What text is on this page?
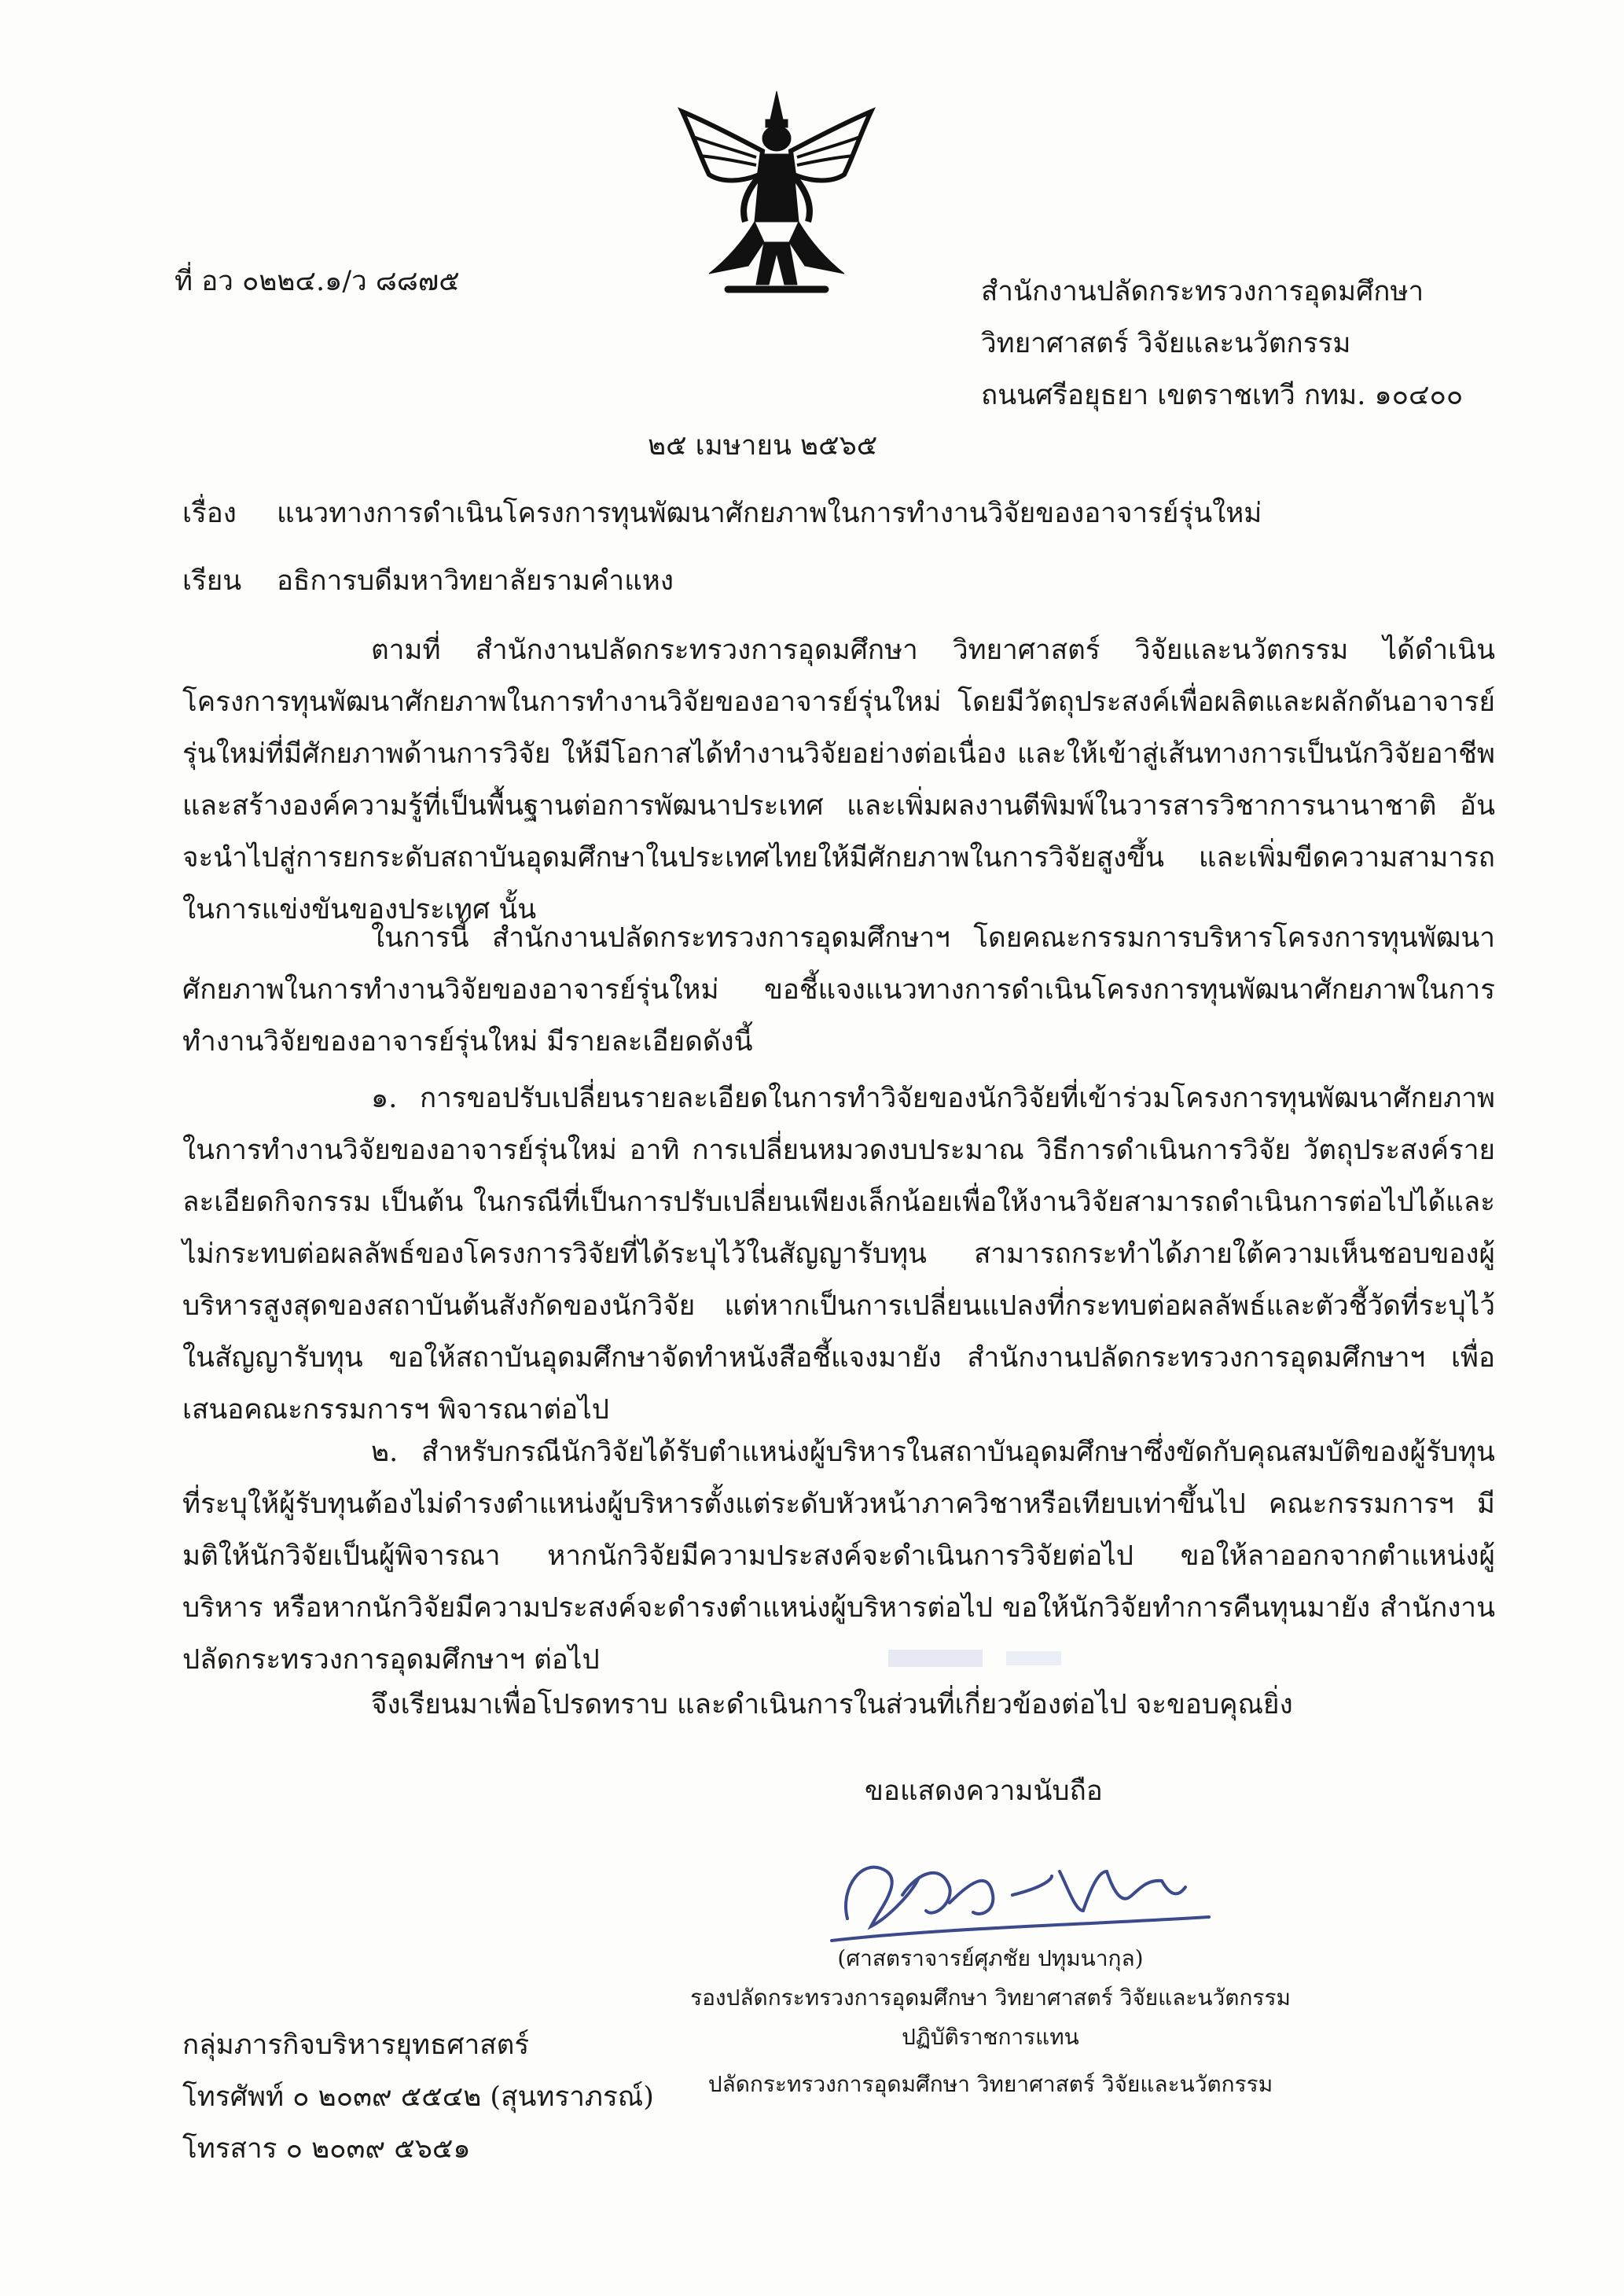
ที่ อว ๐๒๒๔.๑/ว ๘๘๗๕	สำนักงานปลัดกระทรวงการอุดมศึกษา
วิทยาศาสตร์ วิจัยและนวัตกรรม
ถนนศรีอยุธยา เขตราชเทวี กทม. ๑๐๔๐๐
๒๕ เมษายน ๒๕๖๕
เรื่อง แนวทางการดำเนินโครงการทุนพัฒนาศักยภาพในการทำงานวิจัยของอาจารย์รุ่นใหม่
เรียน อธิการบดีมหาวิทยาลัยรามคำแหง
ตามที่ สำนักงานปลัดกระทรวงการอุดมศึกษา วิทยาศาสตร์ วิจัยและนวัตกรรม ได้ดำเนินโครงการทุนพัฒนาศักยภาพในการทำงานวิจัยของอาจารย์รุ่นใหม่ โดยมีวัตถุประสงค์เพื่อผลิตและผลักดันอาจารย์รุ่นใหม่ที่มีศักยภาพด้านการวิจัย ให้มีโอกาสได้ทำงานวิจัยอย่างต่อเนื่อง และให้เข้าสู่เส้นทางการเป็นนักวิจัยอาชีพและสร้างองค์ความรู้ที่เป็นพื้นฐานต่อการพัฒนาประเทศ และเพิ่มผลงานตีพิมพ์ในวารสารวิชาการนานาชาติ อันจะนำไปสู่การยกระดับสถาบันอุดมศึกษาในประเทศไทยให้มีศักยภาพในการวิจัยสูงขึ้น และเพิ่มขีดความสามารถในการแข่งขันของประเทศ นั้น
ในการนี้ สำนักงานปลัดกระทรวงการอุดมศึกษาฯ โดยคณะกรรมการบริหารโครงการทุนพัฒนาศักยภาพในการทำงานวิจัยของอาจารย์รุ่นใหม่ ขอชี้แจงแนวทางการดำเนินโครงการทุนพัฒนาศักยภาพในการทำงานวิจัยของอาจารย์รุ่นใหม่ มีรายละเอียดดังนี้
๑. การขอปรับเปลี่ยนรายละเอียดในการทำวิจัยของนักวิจัยที่เข้าร่วมโครงการทุนพัฒนาศักยภาพในการทำงานวิจัยของอาจารย์รุ่นใหม่ อาทิ การเปลี่ยนหมวดงบประมาณ วิธีการดำเนินการวิจัย วัตถุประสงค์รายละเอียดกิจกรรม เป็นต้น ในกรณีที่เป็นการปรับเปลี่ยนเพียงเล็กน้อยเพื่อให้งานวิจัยสามารถดำเนินการต่อไปได้และไม่กระทบต่อผลลัพธ์ของโครงการวิจัยที่ได้ระบุไว้ในสัญญารับทุน สามารถกระทำได้ภายใต้ความเห็นชอบของผู้บริหารสูงสุดของสถาบันต้นสังกัดของนักวิจัย แต่หากเป็นการเปลี่ยนแปลงที่กระทบต่อผลลัพธ์และตัวชี้วัดที่ระบุไว้ในสัญญารับทุน ขอให้สถาบันอุดมศึกษาจัดทำหนังสือชี้แจงมายัง สำนักงานปลัดกระทรวงการอุดมศึกษาฯ เพื่อเสนอคณะกรรมการฯ พิจารณาต่อไป
๒. สำหรับกรณีนักวิจัยได้รับตำแหน่งผู้บริหารในสถาบันอุดมศึกษาซึ่งขัดกับคุณสมบัติของผู้รับทุนที่ระบุให้ผู้รับทุนต้องไม่ดำรงตำแหน่งผู้บริหารตั้งแต่ระดับหัวหน้าภาควิชาหรือเทียบเท่าขึ้นไป คณะกรรมการฯ มีมติให้นักวิจัยเป็นผู้พิจารณา หากนักวิจัยมีความประสงค์จะดำเนินการวิจัยต่อไป ขอให้ลาออกจากตำแหน่งผู้บริหาร หรือหากนักวิจัยมีความประสงค์จะดำรงตำแหน่งผู้บริหารต่อไป ขอให้นักวิจัยทำการคืนทุนมายัง สำนักงานปลัดกระทรวงการอุดมศึกษาฯ ต่อไป
จึงเรียนมาเพื่อโปรดทราบ และดำเนินการในส่วนที่เกี่ยวข้องต่อไป จะขอบคุณยิ่ง
ขอแสดงความนับถือ
(ศาสตราจารย์ศุภชัย ปทุมนากุล)
รองปลัดกระทรวงการอุดมศึกษา วิทยาศาสตร์ วิจัยและนวัตกรรม
ปฏิบัติราชการแทน
ปลัดกระทรวงการอุดมศึกษา วิทยาศาสตร์ วิจัยและนวัตกรรม
กลุ่มภารกิจบริหารยุทธศาสตร์
โทรศัพท์ ๐ ๒๐๓๙ ๕๕๔๒ (สุนทราภรณ์)
โทรสาร ๐ ๒๐๓๙ ๕๖๕๑
